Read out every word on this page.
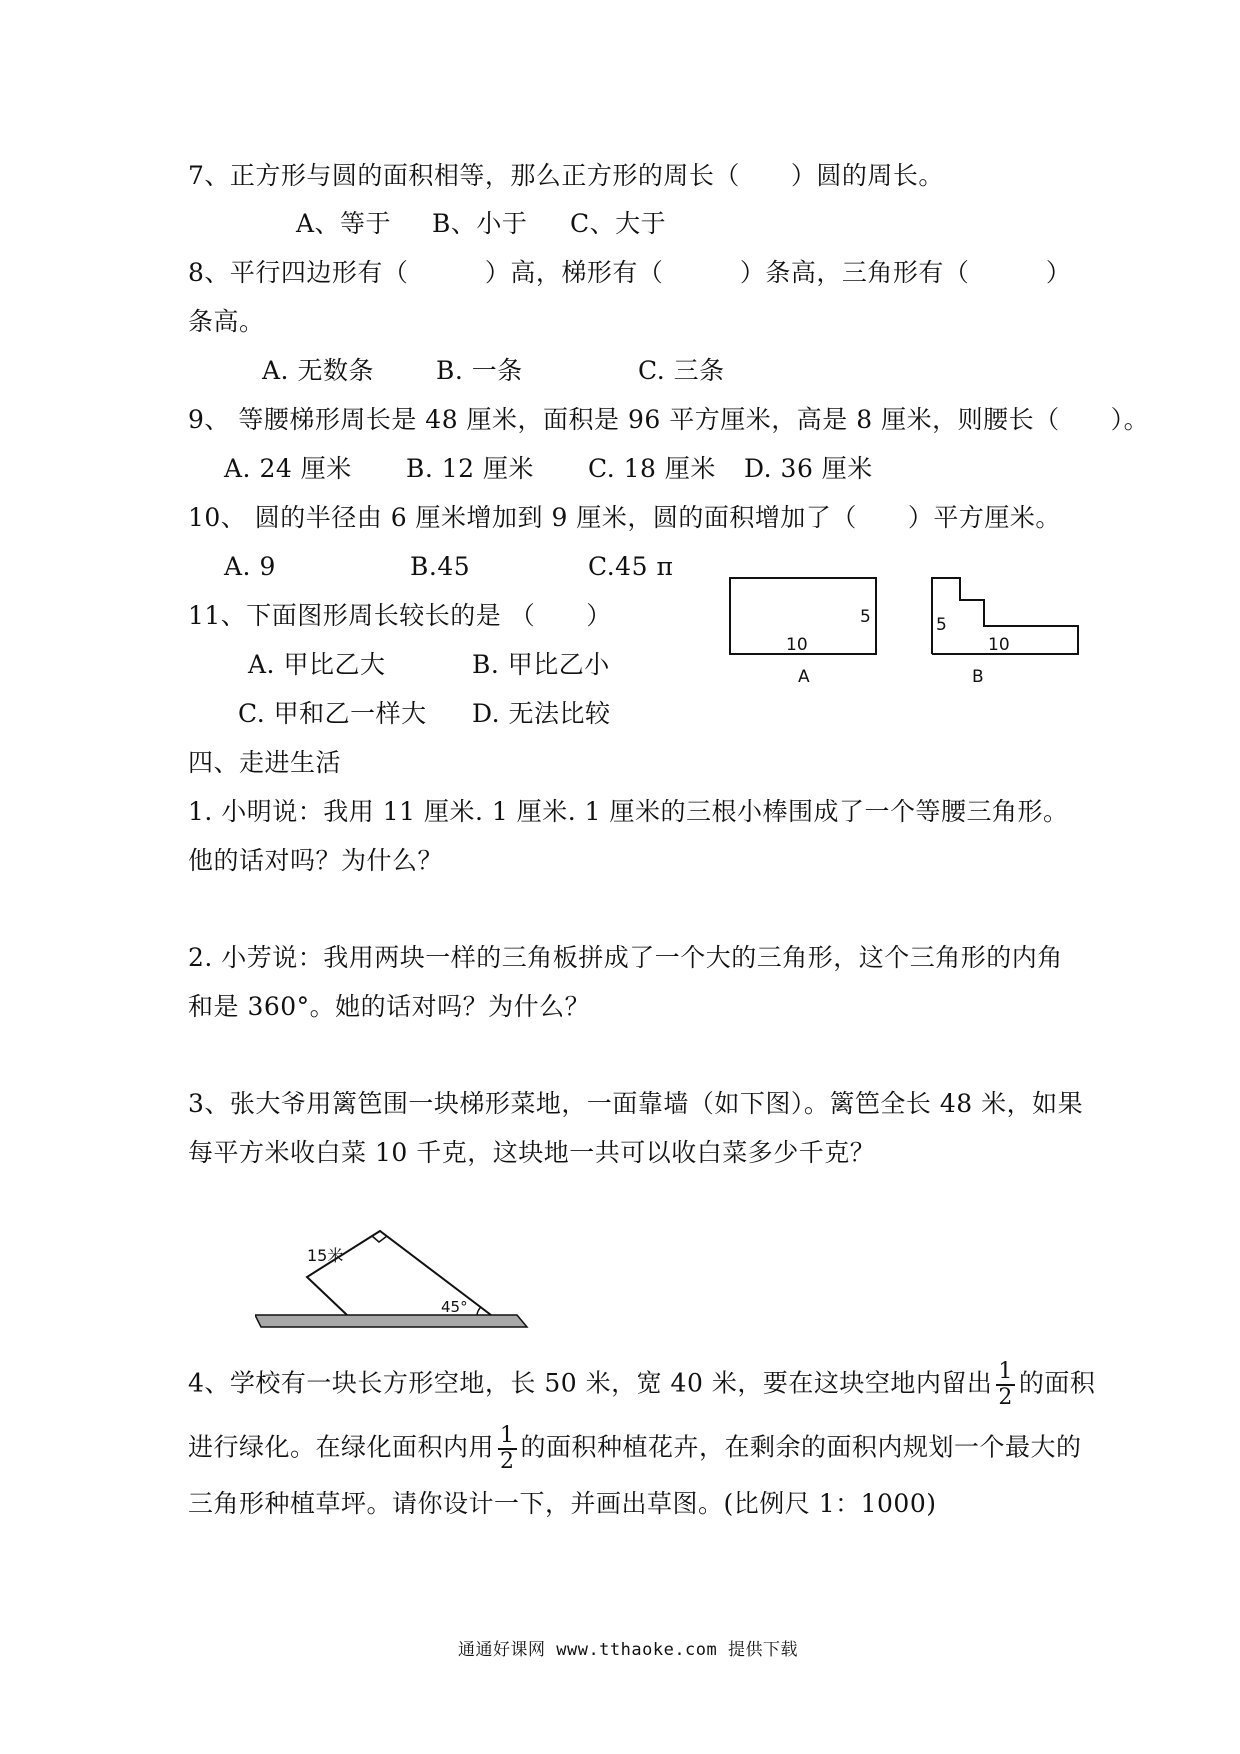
7、正方形与圆的面积相等，那么正方形的周长（　　）圆的周长。
A、等于 B、小于 C、大于
8、平行四边形有（　　　）高，梯形有（　　　）条高，三角形有（　　　）
条高。
A. 无数条 B. 一条	C. 三条
9、 等腰梯形周长是 48 厘米，面积是 96 平方厘米，高是 8 厘米，则腰长（　　）。
A. 24 厘米 B. 12 厘米 C. 18 厘米 D. 36 厘米
10、 圆的半径由 6 厘米增加到 9 厘米，圆的面积增加了（　　）平方厘米。
A. 9	B.45	C.45 π
11、下面图形周长较长的是 （　　）
A. 甲比乙大	B. 甲比乙小
C. 甲和乙一样大 D. 无法比较
10
5
A
5
10
B
四、走进生活
1. 小明说：我用 11 厘米. 1 厘米. 1 厘米的三根小棒围成了一个等腰三角形。
他的话对吗？为什么？
2. 小芳说：我用两块一样的三角板拼成了一个大的三角形，这个三角形的内角
和是 360°。她的话对吗？为什么？
3、张大爷用篱笆围一块梯形菜地，一面靠墙（如下图）。篱笆全长 48 米，如果
每平方米收白菜 10 千克，这块地一共可以收白菜多少千克？
15米
45°
4、学校有一块长方形空地，长 50 米，宽 40 米，要在这块空地内留出 $\frac{1}{2}$ 的面积
进行绿化。在绿化面积内用 $\frac{1}{2}$ 的面积种植花卉，在剩余的面积内规划一个最大的
三角形种植草坪。请你设计一下，并画出草图。(比例尺 1：1000)
通通好课网 www.tthaoke.com 提供下载
